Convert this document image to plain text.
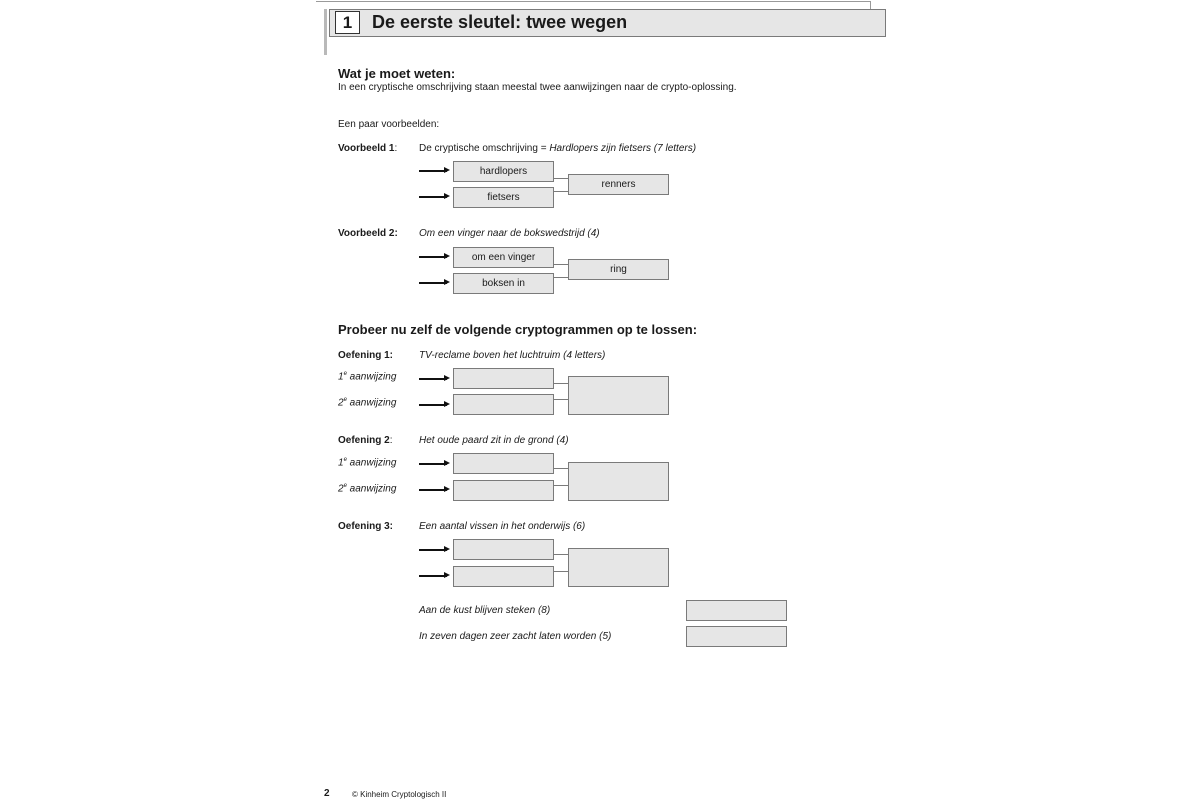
1	De eerste sleutel: twee wegen
Wat je moet weten:
In een cryptische omschrijving staan meestal twee aanwijzingen naar de crypto-oplossing.
Een paar voorbeelden:
Voorbeeld 1: De cryptische omschrijving = Hardlopers zijn fietsers (7 letters)
hardlopers
fietsers
renners
Voorbeeld 2: Om een vinger naar de bokswedstrijd (4)
om een vinger
boksen in
ring
Probeer nu zelf de volgende cryptogrammen op te lossen:
Oefening 1:	TV-reclame boven het luchtruim (4 letters)
1e aanwijzing
2e aanwijzing
Oefening 2:	Het oude paard zit in de grond (4)
1e aanwijzing
2e aanwijzing
Oefening 3:	Een aantal vissen in het onderwijs (6)
Aan de kust blijven steken (8)
In zeven dagen zeer zacht laten worden (5)
2	© Kinheim Cryptologisch II
